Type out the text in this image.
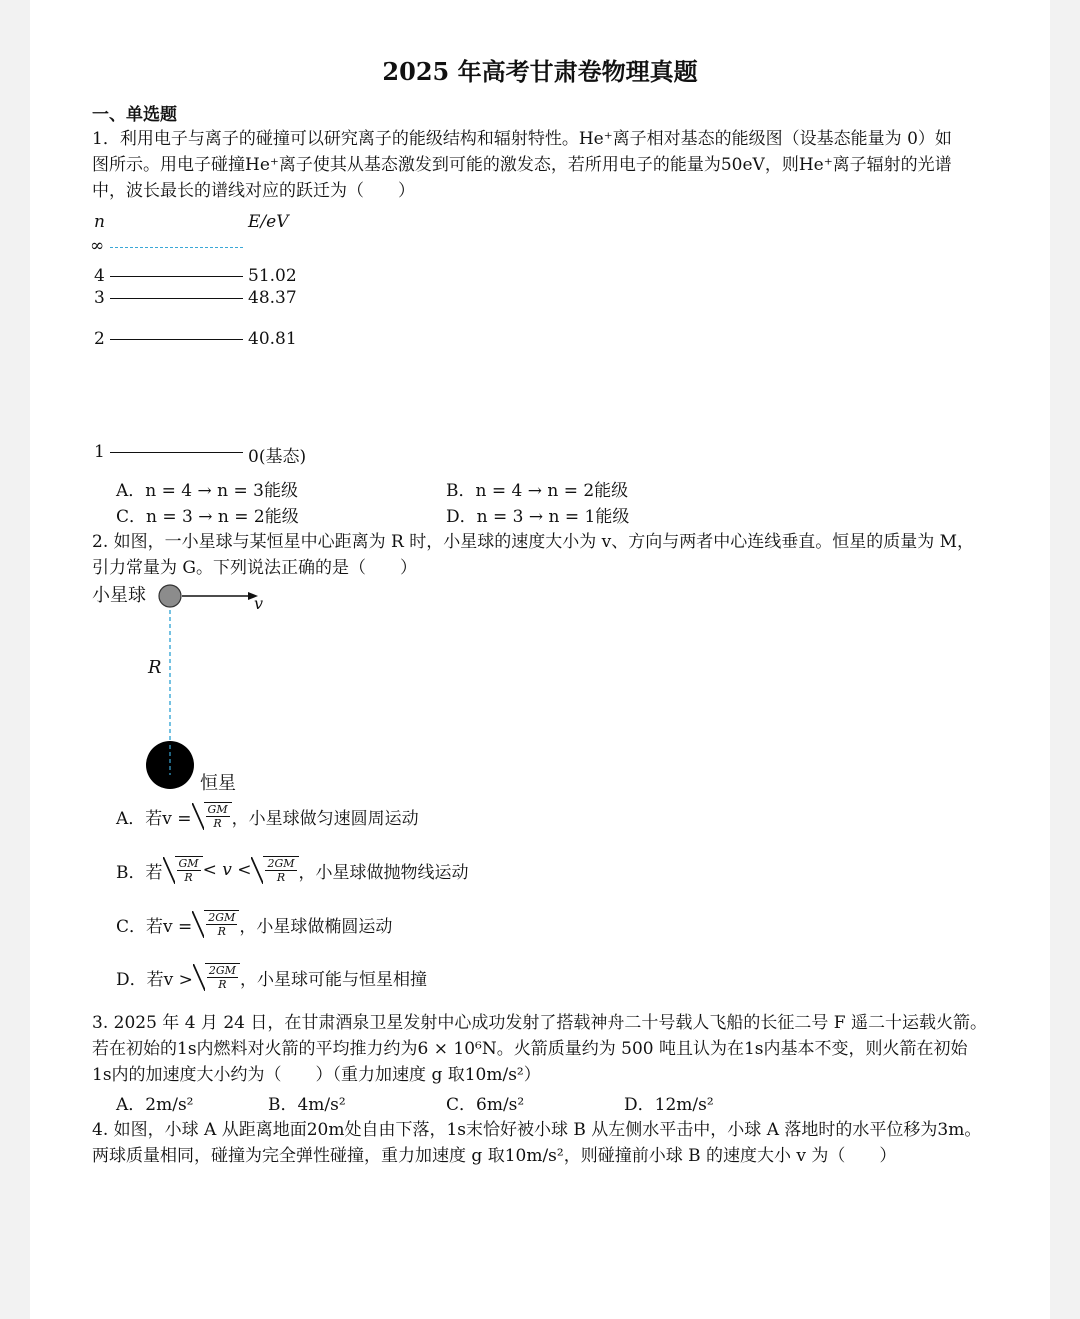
2025 年高考甘肃卷物理真题
一、单选题
1．利用电子与离子的碰撞可以研究离子的能级结构和辐射特性。He⁺离子相对基态的能级图（设基态能量为 0）如
图所示。用电子碰撞He⁺离子使其从基态激发到可能的激发态，若所用电子的能量为50eV，则He⁺离子辐射的光谱
中，波长最长的谱线对应的跃迁为（　　）
n	E/eV
∞
4	51.02
3	48.37
2	40.81
1	0(基态)
A．n = 4 → n = 3能级	B．n = 4 → n = 2能级
C．n = 3 → n = 2能级	D．n = 3 → n = 1能级
2. 如图，一小星球与某恒星中心距离为 R 时，小星球的速度大小为 v、方向与两者中心连线垂直。恒星的质量为 M，
引力常量为 G。下列说法正确的是（　　）
小星球	v
R
恒星
A．若$v = \frac{GM}{R}$ ，小星球做匀速圆周运动
B．若 $\frac{GM}{R} < v < \frac{2GM}{R}$ ，小星球做抛物线运动
C．若$v = \frac{2GM}{R}$ ，小星球做椭圆运动
D．若$v > \frac{2GM}{R}$ ，小星球可能与恒星相撞
3. 2025 年 4 月 24 日，在甘肃酒泉卫星发射中心成功发射了搭载神舟二十号载人飞船的长征二号 F 遥二十运载火箭。
若在初始的1s内燃料对火箭的平均推力约为6 × 10⁶N。火箭质量约为 500 吨且认为在1s内基本不变，则火箭在初始
1s内的加速度大小约为（　　）（重力加速度 g 取10m/s²）
A．2m/s²	B．4m/s²	C．6m/s²	D．12m/s²
4. 如图，小球 A 从距离地面20m处自由下落，1s末恰好被小球 B 从左侧水平击中，小球 A 落地时的水平位移为3m。
两球质量相同，碰撞为完全弹性碰撞，重力加速度 g 取10m/s²，则碰撞前小球 B 的速度大小 v 为（　　）
